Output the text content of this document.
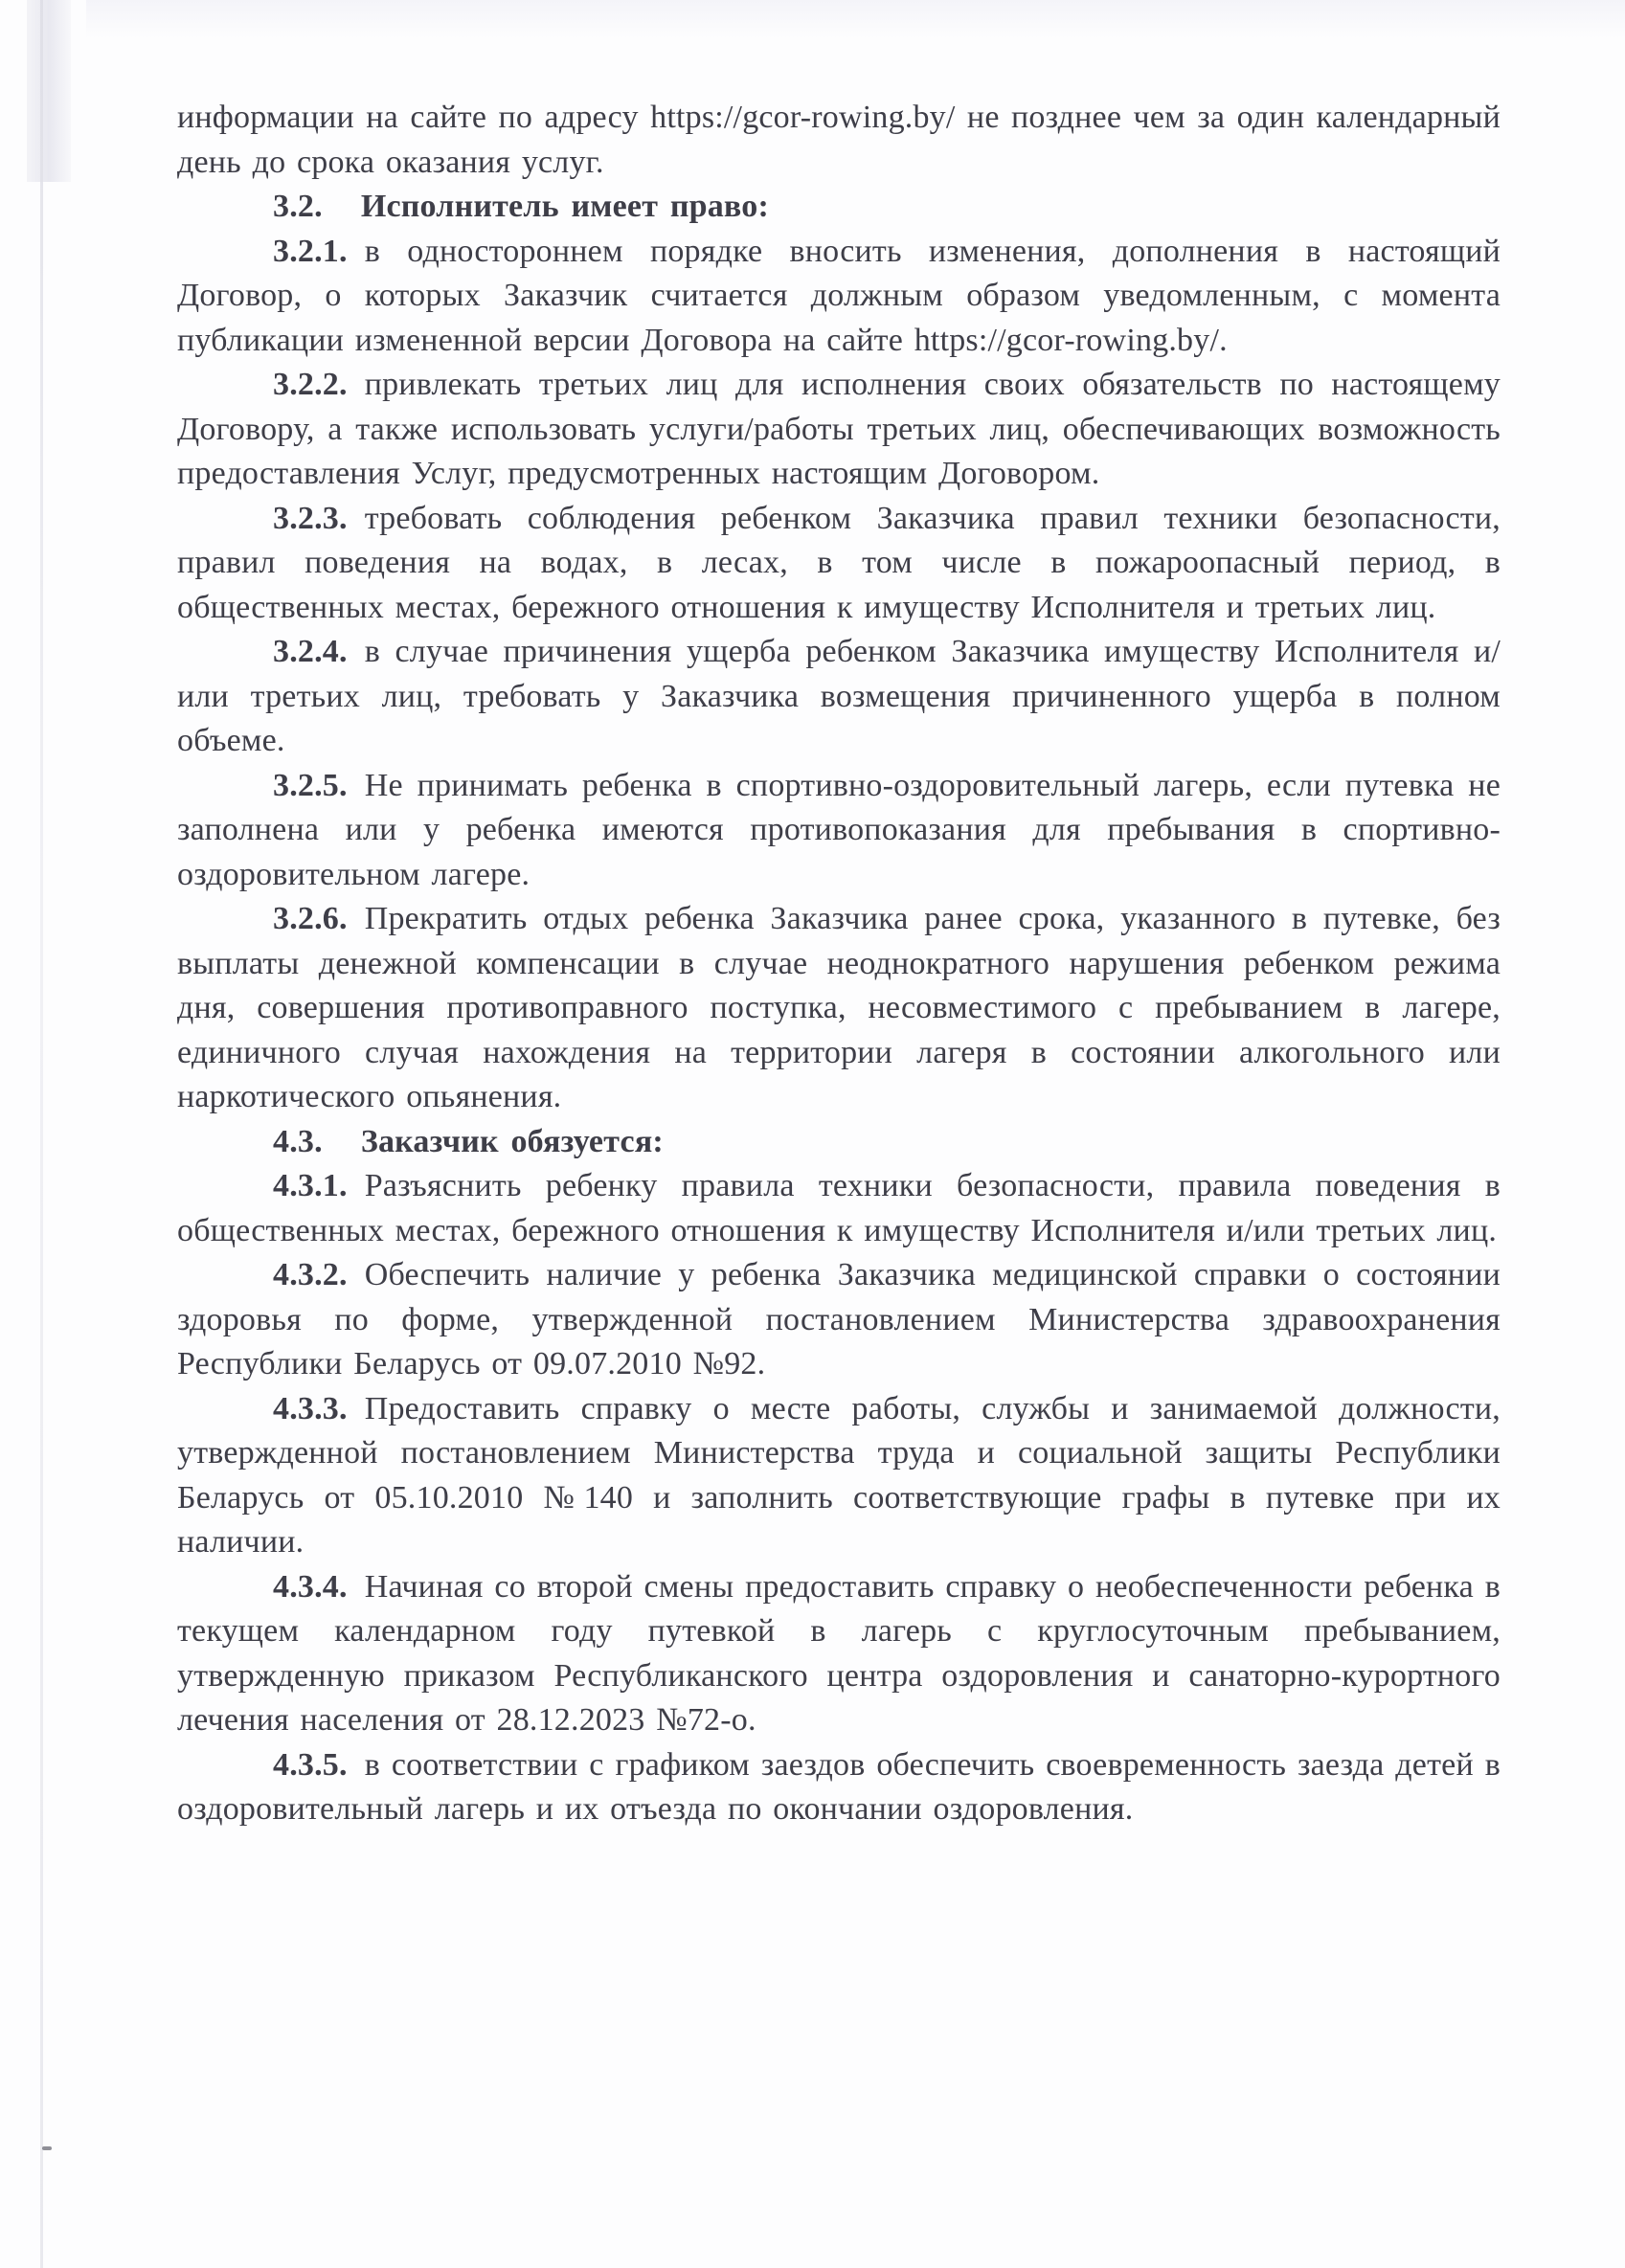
информации на сайте по адресу https://gcor-rowing.by/ не позднее чем за один календарный день до срока оказания услуг.

3.2. Исполнитель имеет право:

3.2.1. в одностороннем порядке вносить изменения, дополнения в настоящий Договор, о которых Заказчик считается должным образом уведомленным, с момента публикации измененной версии Договора на сайте https://gcor-rowing.by/.

3.2.2. привлекать третьих лиц для исполнения своих обязательств по настоящему Договору, а также использовать услуги/работы третьих лиц, обеспечивающих возможность предоставления Услуг, предусмотренных настоящим Договором.

3.2.3. требовать соблюдения ребенком Заказчика правил техники безопасности, правил поведения на водах, в лесах, в том числе в пожароопасный период, в общественных местах, бережного отношения к имуществу Исполнителя и третьих лиц.

3.2.4. в случае причинения ущерба ребенком Заказчика имуществу Исполнителя и/или третьих лиц, требовать у Заказчика возмещения причиненного ущерба в полном объеме.

3.2.5. Не принимать ребенка в спортивно-оздоровительный лагерь, если путевка не заполнена или у ребенка имеются противопоказания для пребывания в спортивно-оздоровительном лагере.

3.2.6. Прекратить отдых ребенка Заказчика ранее срока, указанного в путевке, без выплаты денежной компенсации в случае неоднократного нарушения ребенком режима дня, совершения противоправного поступка, несовместимого с пребыванием в лагере, единичного случая нахождения на территории лагеря в состоянии алкогольного или наркотического опьянения.

4.3. Заказчик обязуется:

4.3.1. Разъяснить ребенку правила техники безопасности, правила поведения в общественных местах, бережного отношения к имуществу Исполнителя и/или третьих лиц.

4.3.2. Обеспечить наличие у ребенка Заказчика медицинской справки о состоянии здоровья по форме, утвержденной постановлением Министерства здравоохранения Республики Беларусь от 09.07.2010 №92.

4.3.3. Предоставить справку о месте работы, службы и занимаемой должности, утвержденной постановлением Министерства труда и социальной защиты Республики Беларусь от 05.10.2010 №140 и заполнить соответствующие графы в путевке при их наличии.

4.3.4. Начиная со второй смены предоставить справку о необеспеченности ребенка в текущем календарном году путевкой в лагерь с круглосуточным пребыванием, утвержденную приказом Республиканского центра оздоровления и санаторно-курортного лечения населения от 28.12.2023 №72-о.

4.3.5. в соответствии с графиком заездов обеспечить своевременность заезда детей в оздоровительный лагерь и их отъезда по окончании оздоровления.
